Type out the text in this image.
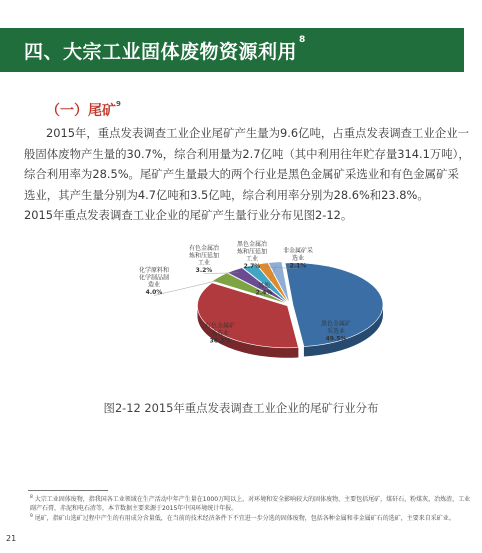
四、大宗工业固体废物资源利用$^8$
（一）尾矿$^9$

2015年，重点发表调查工业企业尾矿产生量为9.6亿吨，占重点发表调查工业企业一般固体废物产生量的30.7%，综合利用量为2.7亿吨（其中利用往年贮存量314.1万吨），综合利用率为28.5%。尾矿产生量最大的两个行业是黑色金属矿采选业和有色金属矿采选业，其产生量分别为4.7亿吨和3.5亿吨，综合利用率分别为28.6%和23.8%。

2015年重点发表调查工业企业的尾矿产生量行业分布见图2-12。

黑色金属矿
采选业
49.5%
有色金属矿
采选业
36.2%
化学原料和
化学制品制
造业
4.0%
有色金属冶
炼和压延加
工业
3.2%
黑色金属冶
炼和压延加
工业
2.7%
非金属矿采
选业
2.1%
其他
2.4%
图2-12 2015年重点发表调查工业企业的尾矿行业分布

$^8$ 大宗工业固体废物，指我国各工业领域在生产活动中年产生量在1000万吨以上，对环境和安全影响较大的固体废物，主要包括尾矿，煤矸石，粉煤灰，冶炼渣，工业副产石膏，赤泥和电石渣等，本节数据主要来源于2015年中国环境统计年报。

$^9$ 尾矿，指矿山选矿过程中产生的有用成分含量低，在当前的技术经济条件下不宜进一步分选的固体废物，包括各种金属和非金属矿石的选矿，主要来自采矿业。

21
